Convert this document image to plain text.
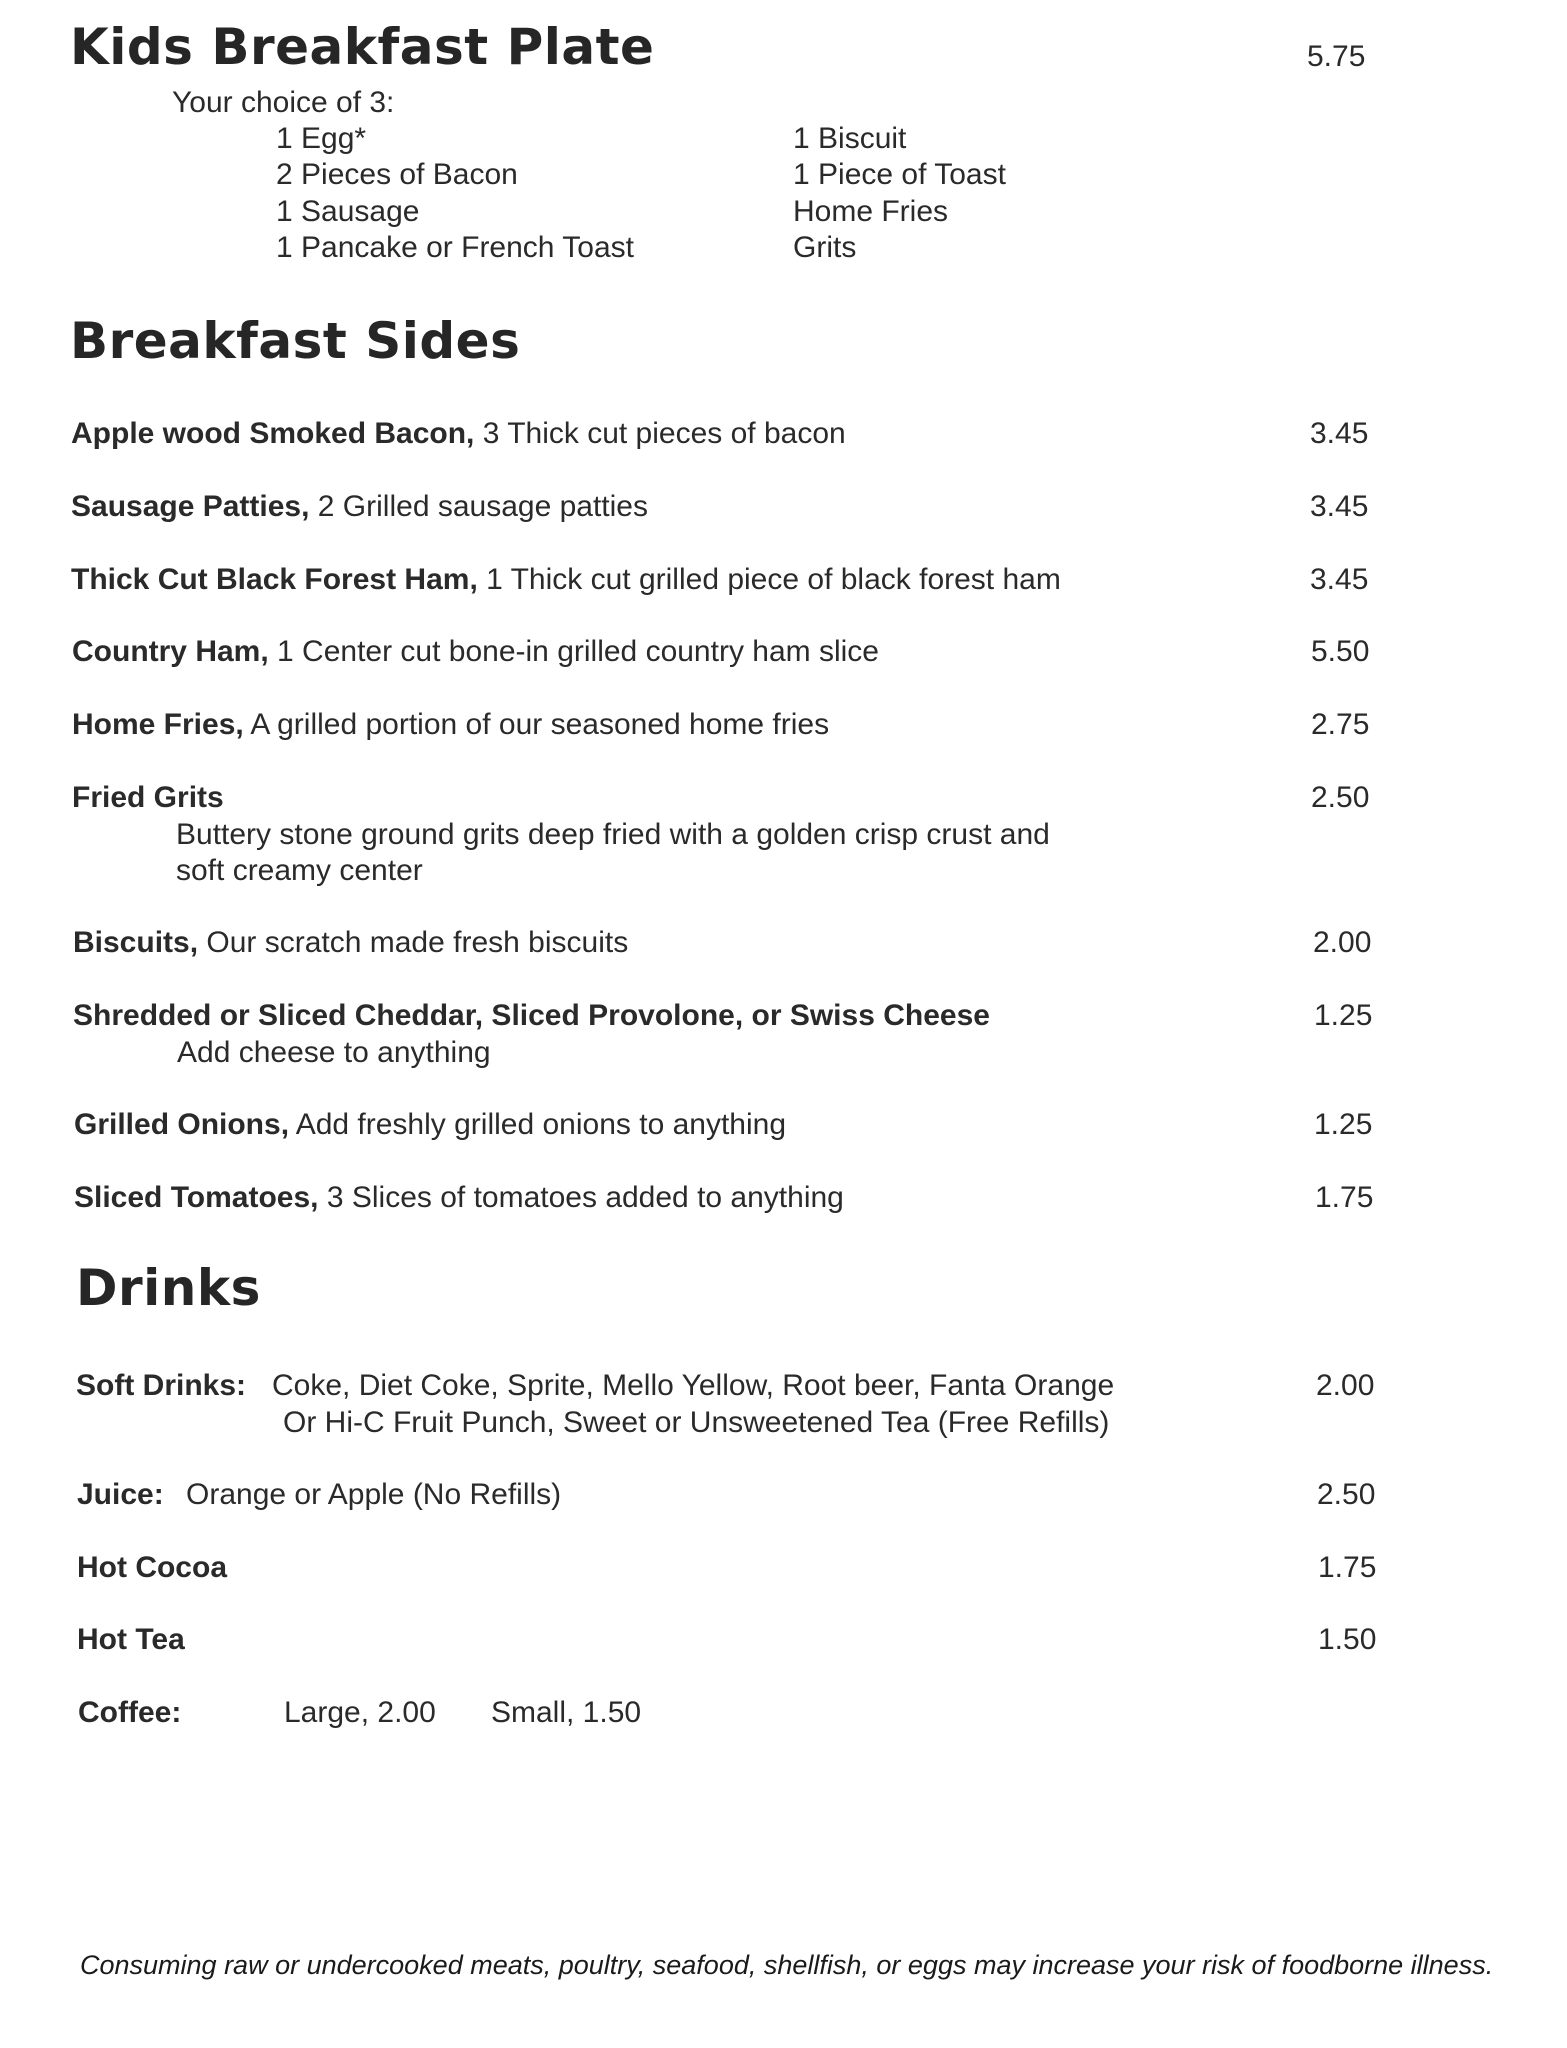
Kids Breakfast Plate	5.75
Your choice of 3:
1 Egg*
2 Pieces of Bacon
1 Sausage
1 Pancake or French Toast
1 Biscuit
1 Piece of Toast
Home Fries
Grits
Breakfast Sides
Apple wood Smoked Bacon, 3 Thick cut pieces of bacon	3.45
Sausage Patties, 2 Grilled sausage patties	3.45
Thick Cut Black Forest Ham, 1 Thick cut grilled piece of black forest ham	3.45
Country Ham, 1 Center cut bone-in grilled country ham slice	5.50
Home Fries, A grilled portion of our seasoned home fries	2.75
Fried Grits
Buttery stone ground grits deep fried with a golden crisp crust and
soft creamy center
2.50
Biscuits, Our scratch made fresh biscuits	2.00
Shredded or Sliced Cheddar, Sliced Provolone, or Swiss Cheese
Add cheese to anything
1.25
Grilled Onions, Add freshly grilled onions to anything	1.25
Sliced Tomatoes, 3 Slices of tomatoes added to anything	1.75
Drinks
Soft Drinks: Coke, Diet Coke, Sprite, Mello Yellow, Root beer, Fanta Orange
Or Hi-C Fruit Punch, Sweet or Unsweetened Tea (Free Refills)
2.00
Juice: Orange or Apple (No Refills)	2.50
Hot Cocoa	1.75
Hot Tea	1.50
Coffee:	Large, 2.00 Small, 1.50

Consuming raw or undercooked meats, poultry, seafood, shellfish, or eggs may increase your risk of foodborne illness.
